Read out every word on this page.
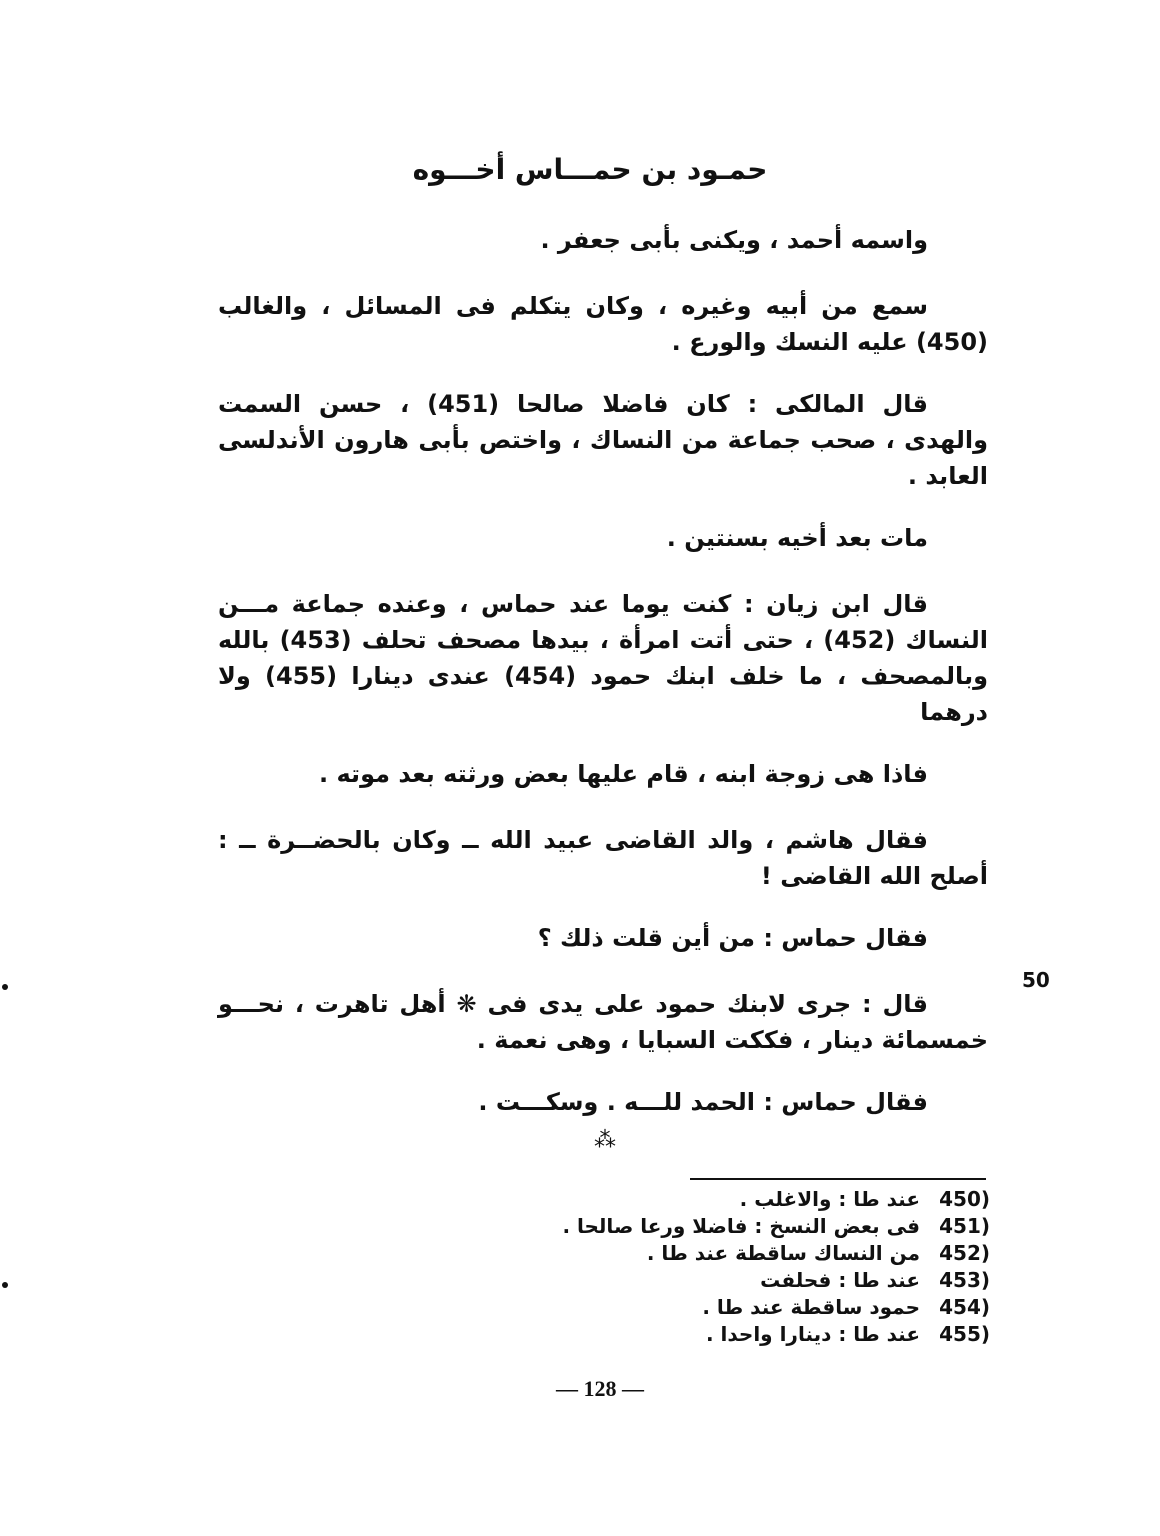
حمـود بن حمـــاس أخـــوه

واسمه أحمد ، ويكنى بأبى جعفر .

سمع من أبيه وغيره ، وكان يتكلم فى المسائل ، والغالب (450) عليه النسك والورع .

قال المالكى : كان فاضلا صالحا (451) ، حسن السمت والهدى ، صحب جماعة من النساك ، واختص بأبى هارون الأندلسى العابد .

مات بعد أخيه بسنتين .

قال ابن زيان : كنت يوما عند حماس ، وعنده جماعة مـــن النساك (452) ، حتى أتت امرأة ، بيدها مصحف تحلف (453) بالله وبالمصحف ، ما خلف ابنك حمود (454) عندى دينارا (455) ولا درهما

فاذا هى زوجة ابنه ، قام عليها بعض ورثته بعد موته .

فقال هاشم ، والد القاضى عبيد الله ــ وكان بالحضــرة ــ : أصلح الله القاضى !

فقال حماس : من أين قلت ذلك ؟

قال : جرى لابنك حمود على يدى فى ❋ أهل تاهرت ، نحـــو خمسمائة دينار ، فككت السبايا ، وهى نعمة .

فقال حماس : الحمد للـــه . وسكـــت .

50
⁂
450)
عند طا : والاغلب .
451)
فى بعض النسخ : فاضلا ورعا صالحا .
452)
من النساك ساقطة عند طا .
453)
عند طا : فحلفت
454)
حمود ساقطة عند طا .
455)
عند طا : دينارا واحدا .
— 128 —
